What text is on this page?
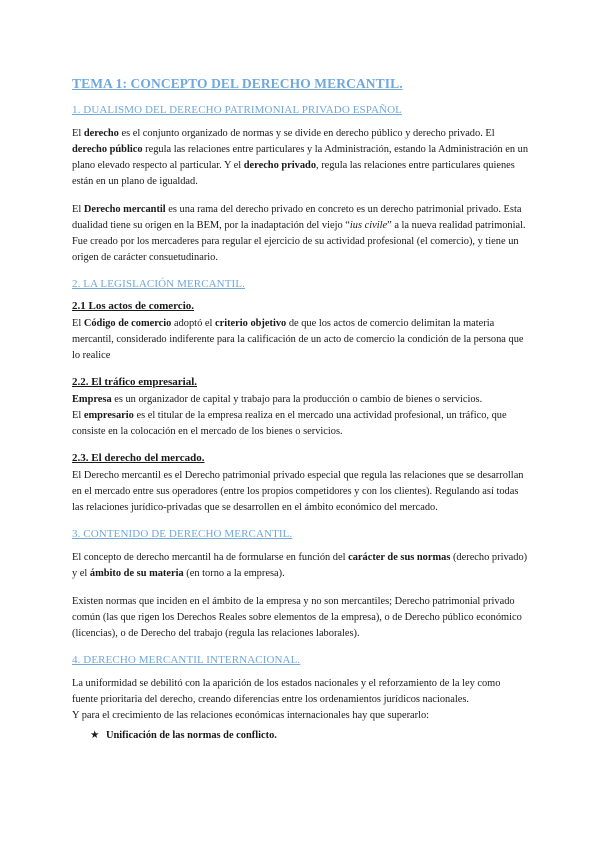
TEMA 1: CONCEPTO DEL DERECHO MERCANTIL.
1. DUALISMO DEL DERECHO PATRIMONIAL PRIVADO ESPAÑOL

El derecho es el conjunto organizado de normas y se divide en derecho público y derecho privado. El derecho público regula las relaciones entre particulares y la Administración, estando la Administración en un plano elevado respecto al particular. Y el derecho privado, regula las relaciones entre particulares quienes están en un plano de igualdad.

El Derecho mercantil es una rama del derecho privado en concreto es un derecho patrimonial privado. Esta dualidad tiene su origen en la BEM, por la inadaptación del viejo “ius civile” a la nueva realidad patrimonial. Fue creado por los mercaderes para regular el ejercicio de su actividad profesional (el comercio), y tiene un origen de carácter consuetudinario.

2. LA LEGISLACIÓN MERCANTIL.
2.1 Los actos de comercio.

El Código de comercio adoptó el criterio objetivo de que los actos de comercio delimitan la materia mercantil, considerado indiferente para la calificación de un acto de comercio la condición de la persona que lo realice

2.2. El tráfico empresarial.

Empresa es un organizador de capital y trabajo para la producción o cambio de bienes o servicios.

El empresario es el titular de la empresa realiza en el mercado una actividad profesional, un tráfico, que consiste en la colocación en el mercado de los bienes o servicios.

2.3. El derecho del mercado.

El Derecho mercantil es el Derecho patrimonial privado especial que regula las relaciones que se desarrollan en el mercado entre sus operadores (entre los propios competidores y con los clientes). Regulando así todas las relaciones jurídico-privadas que se desarrollen en el ámbito económico del mercado.

3. CONTENIDO DE DERECHO MERCANTIL.

El concepto de derecho mercantil ha de formularse en función del carácter de sus normas (derecho privado) y el ámbito de su materia (en torno a la empresa).

Existen normas que inciden en el ámbito de la empresa y no son mercantiles; Derecho patrimonial privado común (las que rigen los Derechos Reales sobre elementos de la empresa), o de Derecho público económico (licencias), o de Derecho del trabajo (regula las relaciones laborales).

4. DERECHO MERCANTIL INTERNACIONAL.

La uniformidad se debilitó con la aparición de los estados nacionales y el reforzamiento de la ley como fuente prioritaria del derecho, creando diferencias entre los ordenamientos jurídicos nacionales.

Y para el crecimiento de las relaciones económicas internacionales hay que superarlo:

★ Unificación de las normas de conflicto.
